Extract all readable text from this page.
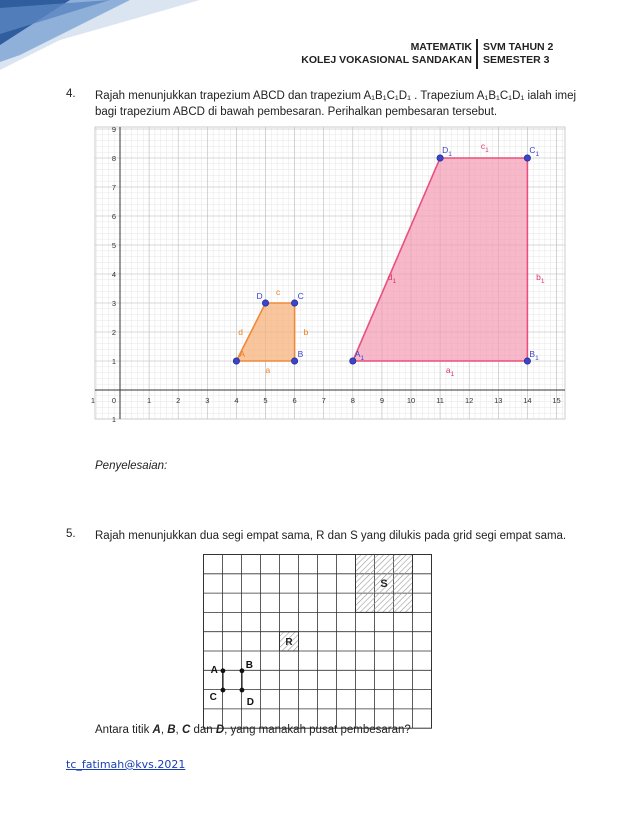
MATEMATIK
KOLEJ VOKASIONAL SANDAKAN
SVM TAHUN 2
SEMESTER 3
4. Rajah menunjukkan trapezium ABCD dan trapezium A₁B₁C₁D₁ . Trapezium A₁B₁C₁D₁ ialah imej
bagi trapezium ABCD di bawah pembesaran. Perihalkan pembesaran tersebut.
1 0	1	2	3	4	5	6	7	8	9	10	11	12	13	14	15
9
8
7
6
5
4
3
2
1
1
A	B
C
D c
d	b
a
$A_1$	$B_1$
$C_1$
$D_1$
$c_1$
$d_1$	$b_1$
$a_1$
Penyelesaian:
5. Rajah menunjukkan dua segi empat sama, R dan S yang dilukis pada grid segi empat sama.
S
R
A	B
C	D
Antara titik A, B, C dan D, yang manakah pusat pembesaran?
tc_fatimah@kvs.2021
